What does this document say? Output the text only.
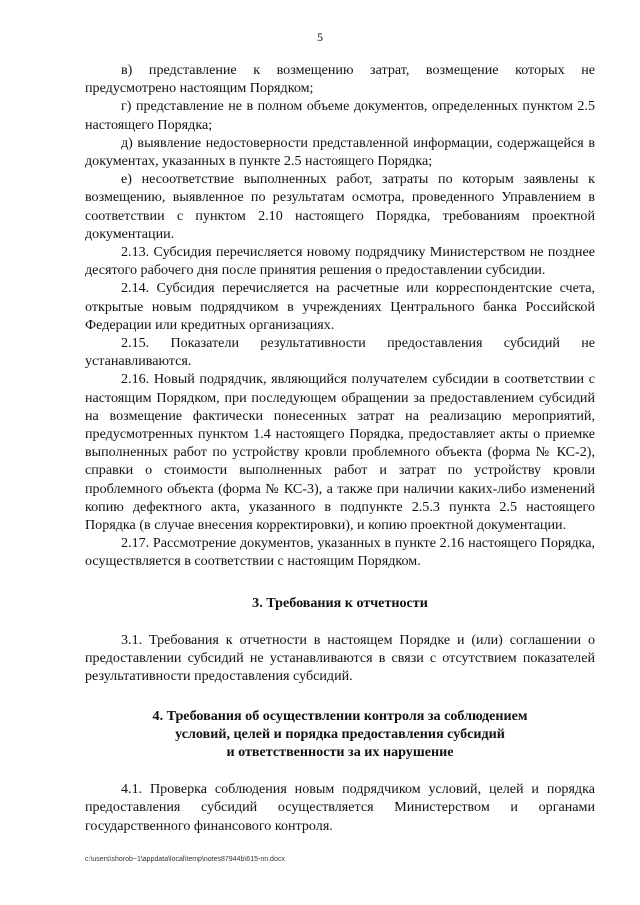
5

в) представление к возмещению затрат, возмещение которых не предусмотрено настоящим Порядком;

г) представление не в полном объеме документов, определенных пунктом 2.5 настоящего Порядка;

д) выявление недостоверности представленной информации, содержащейся в документах, указанных в пункте 2.5 настоящего Порядка;

е) несоответствие выполненных работ, затраты по которым заявлены к возмещению, выявленное по результатам осмотра, проведенного Управлением в соответствии с пунктом 2.10 настоящего Порядка, требованиям проектной документации.

2.13. Субсидия перечисляется новому подрядчику Министерством не позднее десятого рабочего дня после принятия решения о предоставлении субсидии.

2.14. Субсидия перечисляется на расчетные или корреспондентские счета, открытые новым подрядчиком в учреждениях Центрального банка Российской Федерации или кредитных организациях.

2.15. Показатели результативности предоставления субсидий не устанавливаются.

2.16. Новый подрядчик, являющийся получателем субсидии в соответствии с настоящим Порядком, при последующем обращении за предоставлением субсидий на возмещение фактически понесенных затрат на реализацию мероприятий, предусмотренных пунктом 1.4 настоящего Порядка, предоставляет акты о приемке выполненных работ по устройству кровли проблемного объекта (форма № КС-2), справки о стоимости выполненных работ и затрат по устройству кровли проблемного объекта (форма № КС-3), а также при наличии каких-либо изменений копию дефектного акта, указанного в подпункте 2.5.3 пункта 2.5 настоящего Порядка (в случае внесения корректировки), и копию проектной документации.

2.17. Рассмотрение документов, указанных в пункте 2.16 настоящего Порядка, осуществляется в соответствии с настоящим Порядком.

3. Требования к отчетности

3.1. Требования к отчетности в настоящем Порядке и (или) соглашении о предоставлении субсидий не устанавливаются в связи с отсутствием показателей результативности предоставления субсидий.

4. Требования об осуществлении контроля за соблюдением
условий, целей и порядка предоставления субсидий
и ответственности за их нарушение

4.1. Проверка соблюдения новым подрядчиком условий, целей и порядка предоставления субсидий осуществляется Министерством и органами государственного финансового контроля.

c:\users\shorob~1\appdata\local\temp\notes87944b\615-nn.docx
